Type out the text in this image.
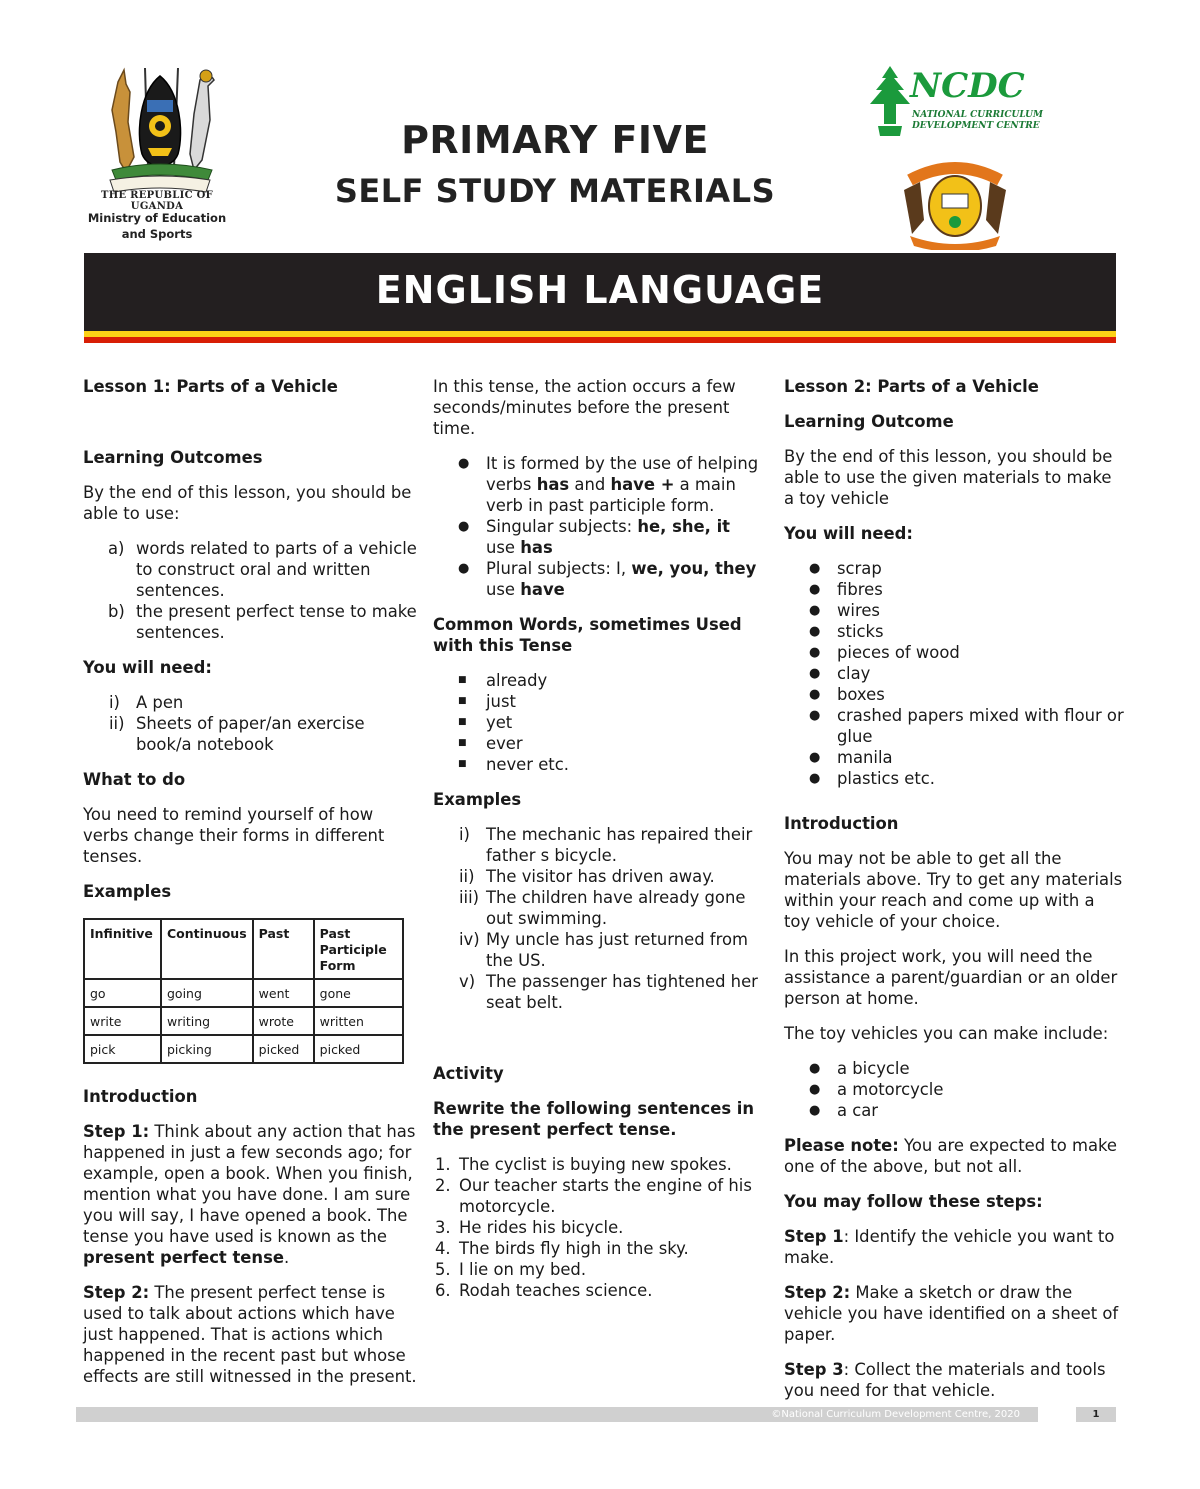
THE REPUBLIC OF UGANDA
Ministry of Education
and Sports
PRIMARY FIVE
SELF STUDY MATERIALS
NCDC
NATIONAL CURRICULUM
DEVELOPMENT CENTRE
ENGLISH LANGUAGE

Lesson 1: Parts of a Vehicle

Learning Outcomes

By the end of this lesson, you should be able to use:

a) words related to parts of a vehicle to construct oral and written sentences.
b) the present perfect tense to make sentences.

You will need:

i) A pen
ii) Sheets of paper/an exercise book/a notebook

What to do

You need to remind yourself of how verbs change their forms in different tenses.

Examples

Infinitive	Continuous	Past	Past Participle Form
go	going	went	gone
write	writing	wrote	written
pick	picking	picked	picked

Introduction

Step 1: Think about any action that has happened in just a few seconds ago; for example, open a book. When you finish, mention what you have done. I am sure you will say, I have opened a book. The tense you have used is known as the present perfect tense.

Step 2: The present perfect tense is used to talk about actions which have just happened. That is actions which happened in the recent past but whose effects are still witnessed in the present.

In this tense, the action occurs a few seconds/minutes before the present time.

● It is formed by the use of helping verbs has and have + a main verb in past participle form.
● Singular subjects: he, she, it use has
● Plural subjects: I, we, you, they use have

Common Words, sometimes Used with this Tense

■ already
■ just
■ yet
■ ever
■ never etc.

Examples

i) The mechanic has repaired their father s bicycle.
ii) The visitor has driven away.
iii) The children have already gone out swimming.
iv) My uncle has just returned from the US.
v) The passenger has tightened her seat belt.

Activity

Rewrite the following sentences in the present perfect tense.

1. The cyclist is buying new spokes.
2. Our teacher starts the engine of his motorcycle.
3. He rides his bicycle.
4. The birds fly high in the sky.
5. I lie on my bed.
6. Rodah teaches science.

Lesson 2: Parts of a Vehicle

Learning Outcome

By the end of this lesson, you should be able to use the given materials to make a toy vehicle

You will need:

● scrap
● fibres
● wires
● sticks
● pieces of wood
● clay
● boxes
● crashed papers mixed with flour or glue
● manila
● plastics etc.

Introduction

You may not be able to get all the materials above. Try to get any materials within your reach and come up with a toy vehicle of your choice.

In this project work, you will need the assistance a parent/guardian or an older person at home.

The toy vehicles you can make include:

● a bicycle
● a motorcycle
● a car

Please note: You are expected to make one of the above, but not all.

You may follow these steps:

Step 1: Identify the vehicle you want to make.

Step 2: Make a sketch or draw the vehicle you have identified on a sheet of paper.

Step 3: Collect the materials and tools you need for that vehicle.

©National Curriculum Development Centre, 2020	1
